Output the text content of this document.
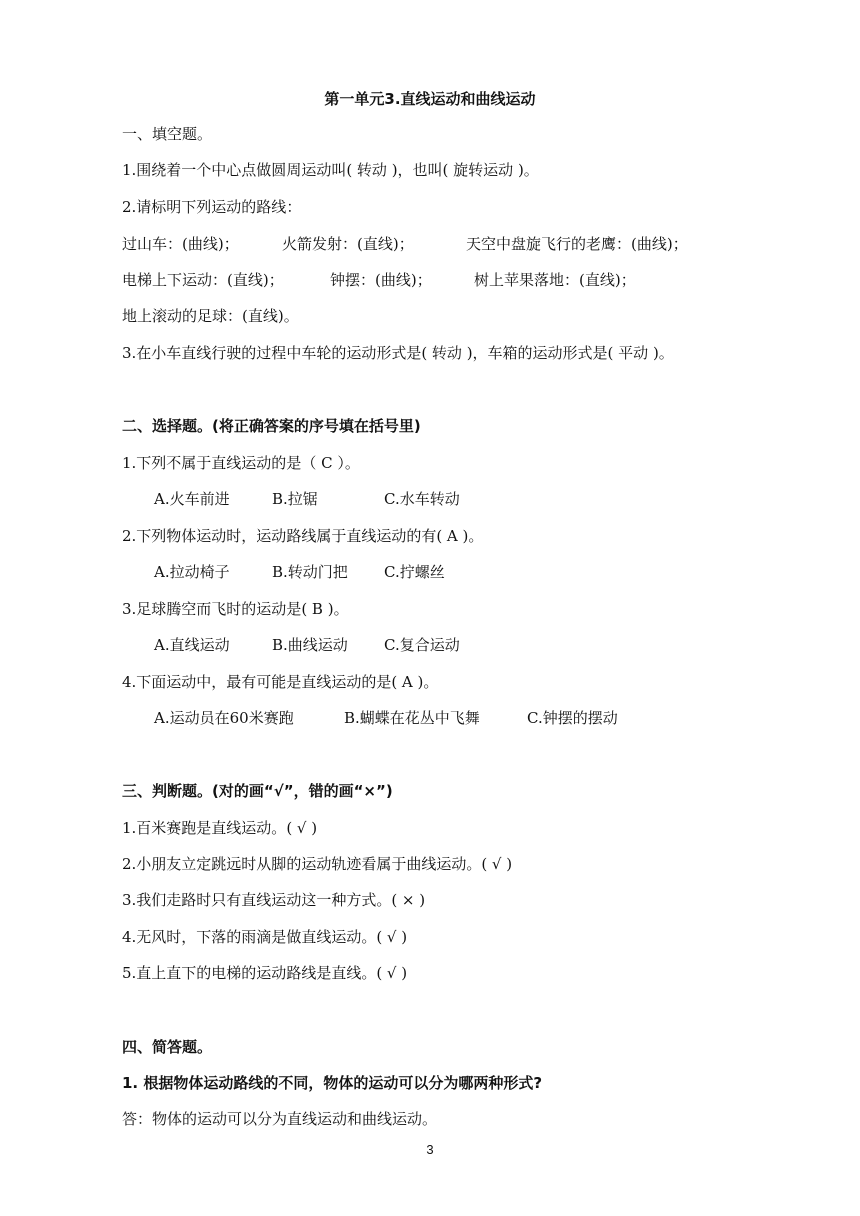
第一单元3.直线运动和曲线运动
一、填空题。
1.围绕着一个中心点做圆周运动叫( 转动 )，也叫( 旋转运动 )。
2.请标明下列运动的路线：
过山车：(曲线)；	火箭发射：(直线)；	天空中盘旋飞行的老鹰：(曲线)；
电梯上下运动：(直线)；	钟摆：(曲线)；	树上苹果落地：(直线)；
地上滚动的足球：(直线)。
3.在小车直线行驶的过程中车轮的运动形式是( 转动 )，车箱的运动形式是( 平动 )。
二、选择题。(将正确答案的序号填在括号里)
1.下列不属于直线运动的是（ C ）。
A.火车前进	B.拉锯	C.水车转动
2.下列物体运动时，运动路线属于直线运动的有( A )。
A.拉动椅子	B.转动门把 C.拧螺丝
3.足球腾空而飞时的运动是( B )。
A.直线运动	B.曲线运动 C.复合运动
4.下面运动中，最有可能是直线运动的是( A )。
A.运动员在60米赛跑	B.蝴蝶在花丛中飞舞	C.钟摆的摆动
三、判断题。(对的画“√”，错的画“×”)
1.百米赛跑是直线运动。( √ )
2.小朋友立定跳远时从脚的运动轨迹看属于曲线运动。( √ )
3.我们走路时只有直线运动这一种方式。( × )
4.无风时，下落的雨滴是做直线运动。( √ )
5.直上直下的电梯的运动路线是直线。( √ )
四、简答题。
1. 根据物体运动路线的不同，物体的运动可以分为哪两种形式?
答：物体的运动可以分为直线运动和曲线运动。
3
